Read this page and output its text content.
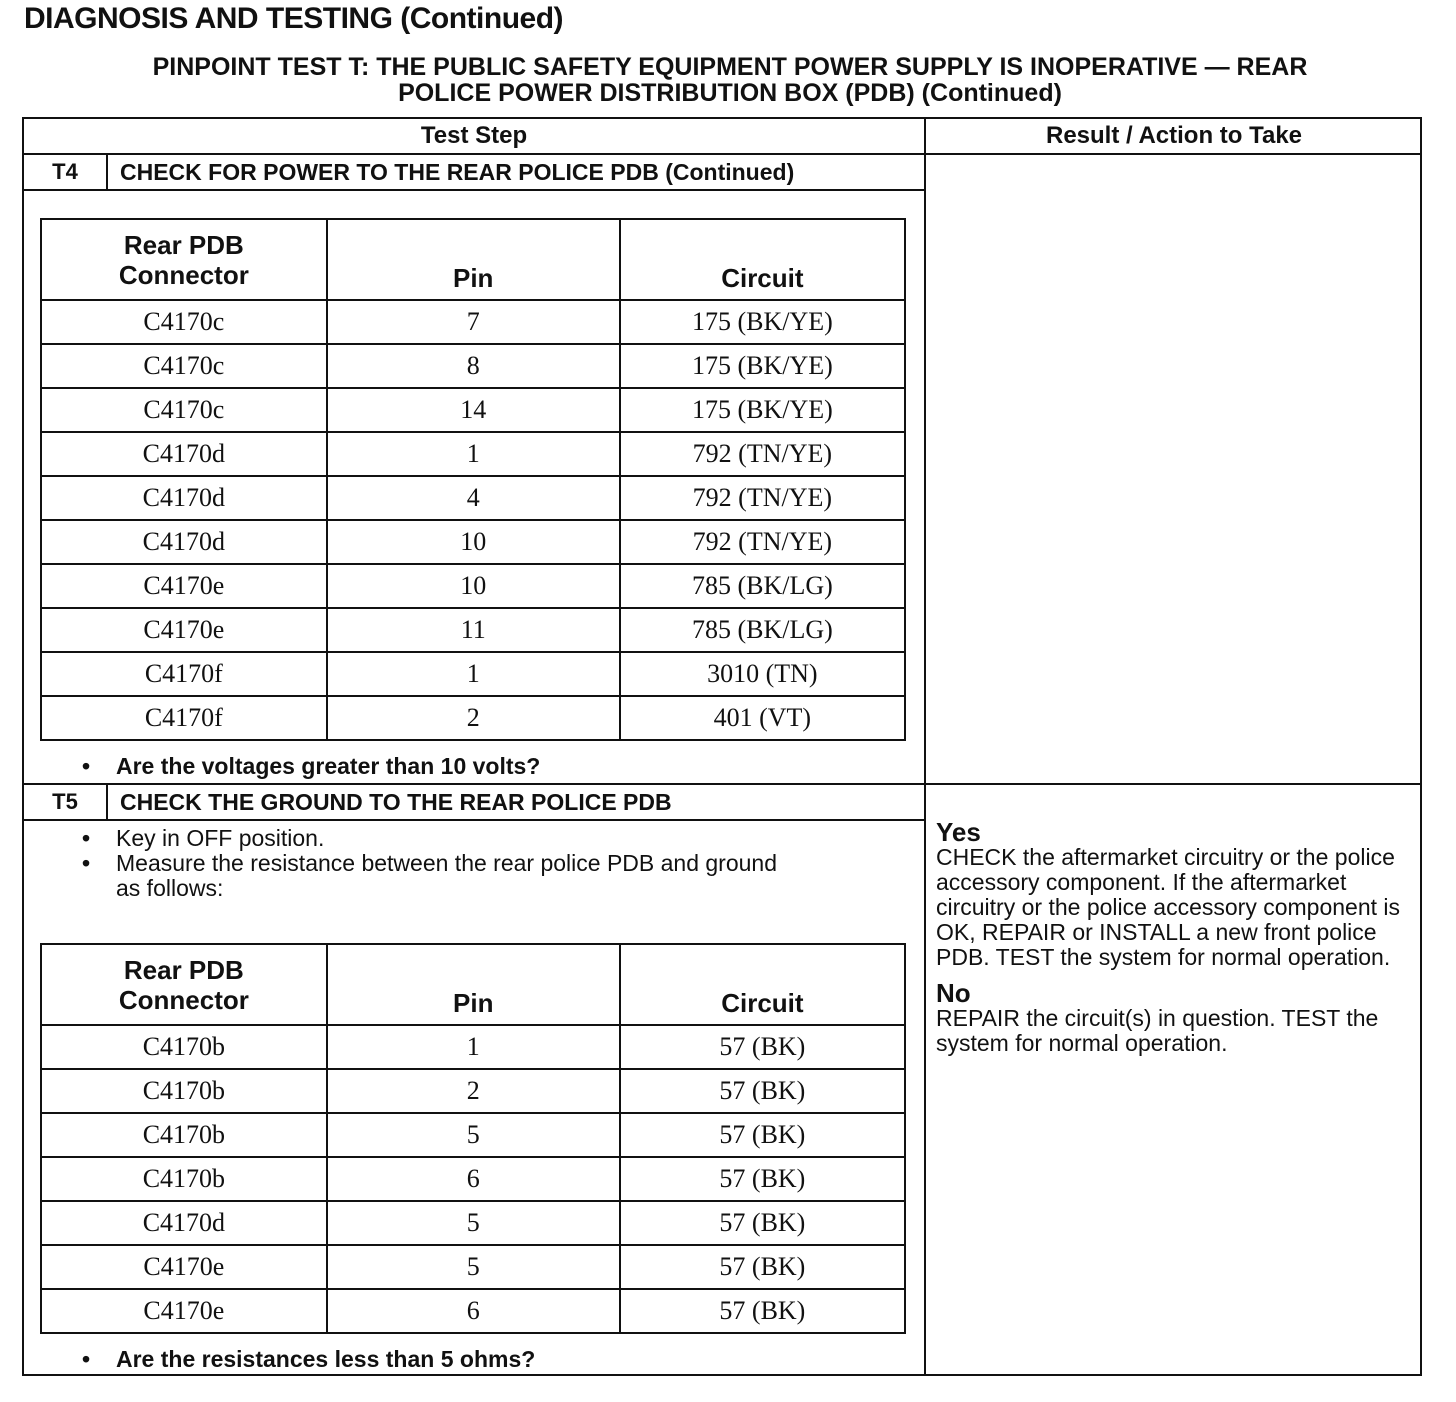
DIAGNOSIS AND TESTING (Continued)
PINPOINT TEST T: THE PUBLIC SAFETY EQUIPMENT POWER SUPPLY IS INOPERATIVE — REAR
POLICE POWER DISTRIBUTION BOX (PDB) (Continued)
Test Step	Result / Action to Take
T4	CHECK FOR POWER TO THE REAR POLICE PDB (Continued)
Rear PDB Connector	Pin	Circuit
C4170c	7	175 (BK/YE)
C4170c	8	175 (BK/YE)
C4170c	14	175 (BK/YE)
C4170d	1	792 (TN/YE)
C4170d	4	792 (TN/YE)
C4170d	10	792 (TN/YE)
C4170e	10	785 (BK/LG)
C4170e	11	785 (BK/LG)
C4170f	1	3010 (TN)
C4170f	2	401 (VT)
• Are the voltages greater than 10 volts?
T5	CHECK THE GROUND TO THE REAR POLICE PDB
• Key in OFF position.
• Measure the resistance between the rear police PDB and ground as follows:
Rear PDB Connector	Pin	Circuit
C4170b	1	57 (BK)
C4170b	2	57 (BK)
C4170b	5	57 (BK)
C4170b	6	57 (BK)
C4170d	5	57 (BK)
C4170e	5	57 (BK)
C4170e	6	57 (BK)
• Are the resistances less than 5 ohms?

Yes
CHECK the aftermarket circuitry or the police accessory component. If the aftermarket circuitry or the police accessory component is OK, REPAIR or INSTALL a new front police PDB. TEST the system for normal operation.

No
REPAIR the circuit(s) in question. TEST the system for normal operation.
